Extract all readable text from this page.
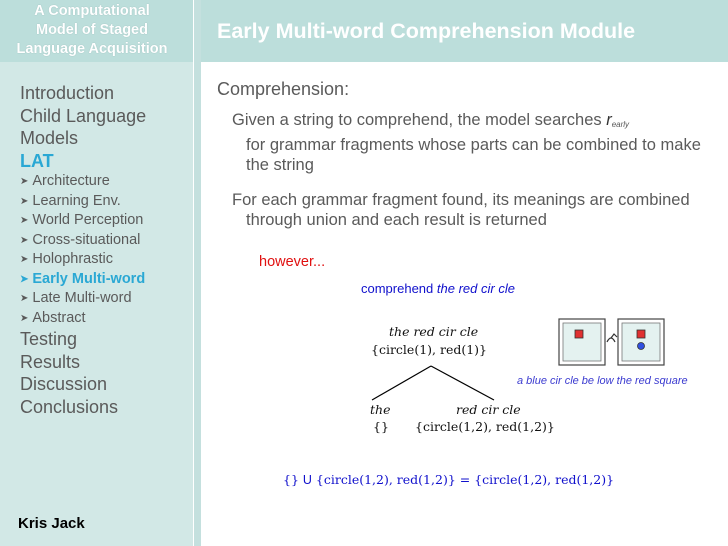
A Computational
Model of Staged
Language Acquisition
Early Multi-word Comprehension Module
Introduction
Child Language
Models
LAT
➤ Architecture
➤ Learning Env.
➤ World Perception
➤ Cross-situational
➤ Holophrastic
➤ Early Multi-word
➤ Late Multi-word
➤ Abstract
Testing
Results
Discussion
Conclusions
Kris Jack
Comprehension:
Given a string to comprehend, the model searches $r_{early}$
for grammar fragments whose parts can be combined to make the string
For each grammar fragment found, its meanings are combined through union and each result is returned
however...
comprehend the red cir cle
the red cir cle
{circle(1), red(1)}
the	red cir cle
{} {circle(1,2), red(1,2)}
a blue cir cle be low the red square
{} U {circle(1,2), red(1,2)} = {circle(1,2), red(1,2)}
